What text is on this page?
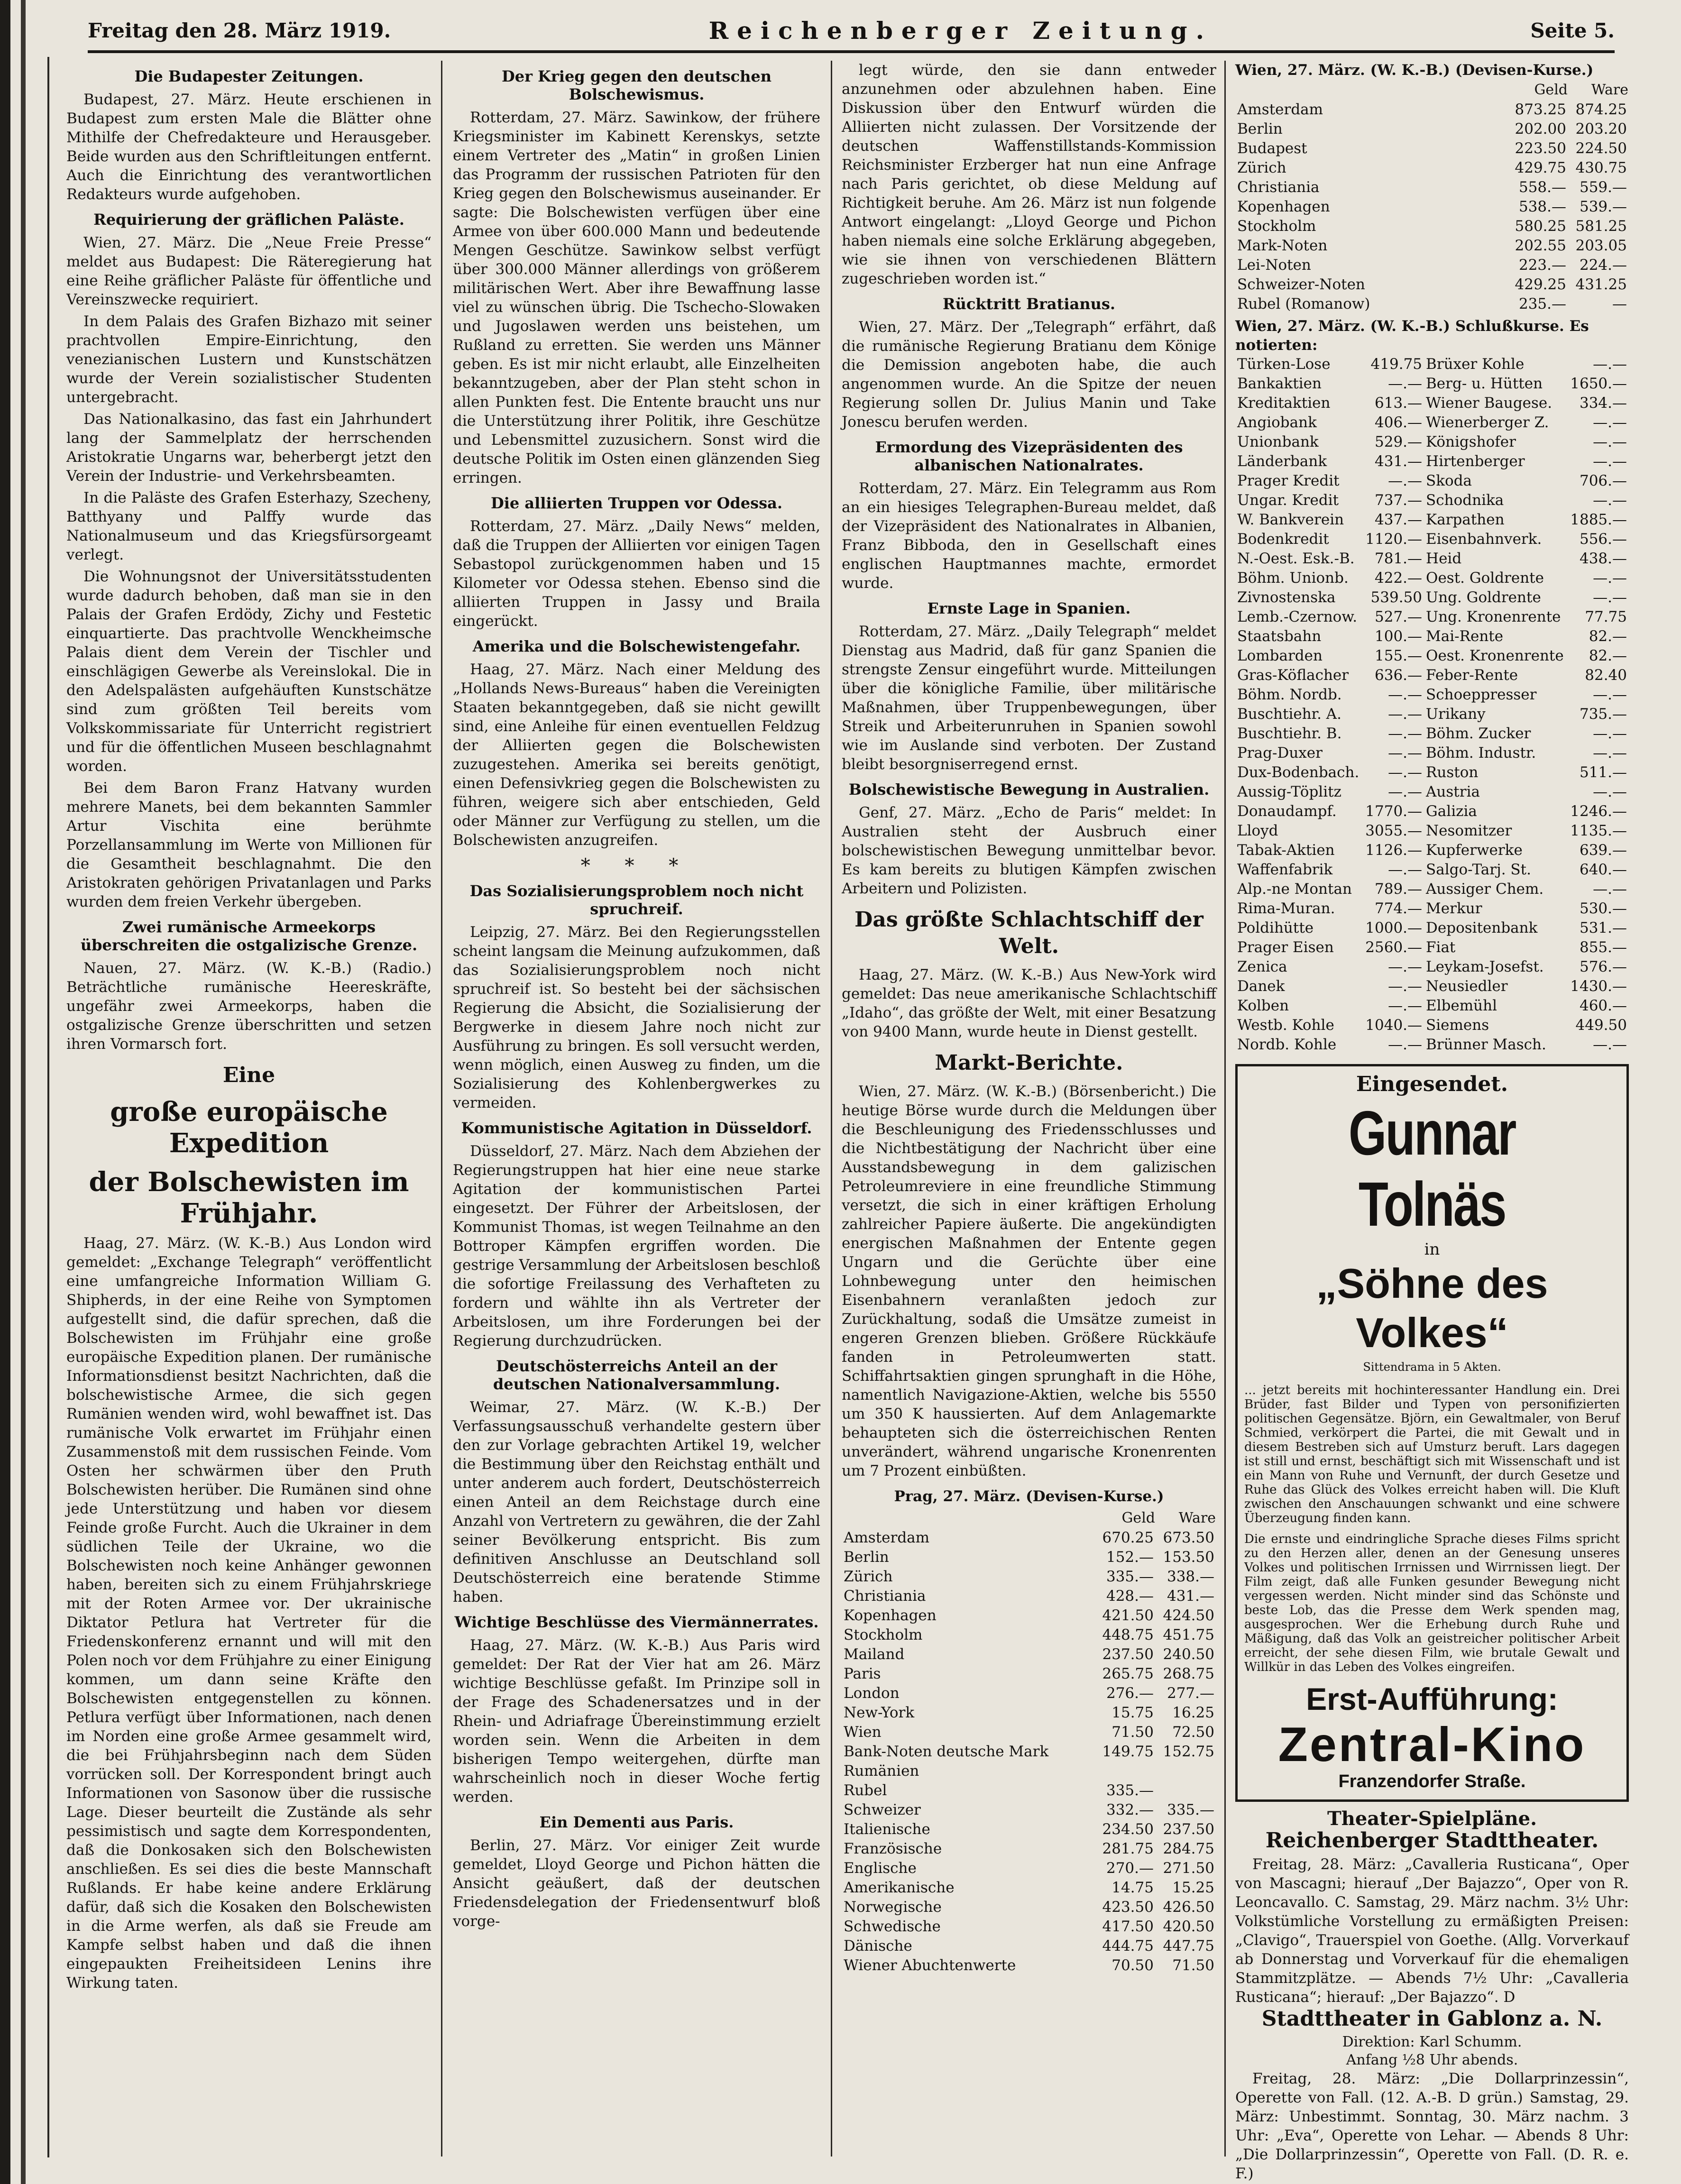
Freitag den 28. März 1919.	Reichenberger Zeitung.	Seite 5.
Die Budapester Zeitungen.

Budapest, 27. März. Heute erschienen in Budapest zum ersten Male die Blätter ohne Mithilfe der Chefredakteure und Herausgeber. Beide wurden aus den Schriftleitungen entfernt. Auch die Einrichtung des verantwortlichen Redakteurs wurde aufgehoben.

Requirierung der gräflichen Paläste.

Wien, 27. März. Die „Neue Freie Presse“ meldet aus Budapest: Die Räteregierung hat eine Reihe gräflicher Paläste für öffentliche und Vereinszwecke requiriert.

In dem Palais des Grafen Bizhazo mit seiner prachtvollen Empire-Einrichtung, den venezianischen Lustern und Kunstschätzen wurde der Verein sozialistischer Studenten untergebracht.

Das Nationalkasino, das fast ein Jahrhundert lang der Sammelplatz der herrschenden Aristokratie Ungarns war, beherbergt jetzt den Verein der Industrie- und Verkehrsbeamten.

In die Paläste des Grafen Esterhazy, Szecheny, Batthyany und Palffy wurde das Nationalmuseum und das Kriegsfürsorgeamt verlegt.

Die Wohnungsnot der Universitätsstudenten wurde dadurch behoben, daß man sie in den Palais der Grafen Erdödy, Zichy und Festetic einquartierte. Das prachtvolle Wenckheimsche Palais dient dem Verein der Tischler und einschlägigen Gewerbe als Vereinslokal. Die in den Adelspalästen aufgehäuften Kunstschätze sind zum größten Teil bereits vom Volkskommissariate für Unterricht registriert und für die öffentlichen Museen beschlagnahmt worden.

Bei dem Baron Franz Hatvany wurden mehrere Manets, bei dem bekannten Sammler Artur Vischita eine berühmte Porzellansammlung im Werte von Millionen für die Gesamtheit beschlagnahmt. Die den Aristokraten gehörigen Privatanlagen und Parks wurden dem freien Verkehr übergeben.

Zwei rumänische Armeekorps überschreiten die ostgalizische Grenze.

Nauen, 27. März. (W. K.-B.) (Radio.) Beträchtliche rumänische Heereskräfte, ungefähr zwei Armeekorps, haben die ostgalizische Grenze überschritten und setzen ihren Vormarsch fort.

Eine
große europäische Expedition
der Bolschewisten im Frühjahr.

Haag, 27. März. (W. K.-B.) Aus London wird gemeldet: „Exchange Telegraph“ veröffentlicht eine umfangreiche Information William G. Shipherds, in der eine Reihe von Symptomen aufgestellt sind, die dafür sprechen, daß die Bolschewisten im Frühjahr eine große europäische Expedition planen. Der rumänische Informationsdienst besitzt Nachrichten, daß die bolschewistische Armee, die sich gegen Rumänien wenden wird, wohl bewaffnet ist. Das rumänische Volk erwartet im Frühjahr einen Zusammenstoß mit dem russischen Feinde. Vom Osten her schwärmen über den Pruth Bolschewisten herüber. Die Rumänen sind ohne jede Unterstützung und haben vor diesem Feinde große Furcht. Auch die Ukrainer in dem südlichen Teile der Ukraine, wo die Bolschewisten noch keine Anhänger gewonnen haben, bereiten sich zu einem Frühjahrskriege mit der Roten Armee vor. Der ukrainische Diktator Petlura hat Vertreter für die Friedenskonferenz ernannt und will mit den Polen noch vor dem Frühjahre zu einer Einigung kommen, um dann seine Kräfte den Bolschewisten entgegenstellen zu können. Petlura verfügt über Informationen, nach denen im Norden eine große Armee gesammelt wird, die bei Frühjahrsbeginn nach dem Süden vorrücken soll. Der Korrespondent bringt auch Informationen von Sasonow über die russische Lage. Dieser beurteilt die Zustände als sehr pessimistisch und sagte dem Korrespondenten, daß die Donkosaken sich den Bolschewisten anschließen. Es sei dies die beste Mannschaft Rußlands. Er habe keine andere Erklärung dafür, daß sich die Kosaken den Bolschewisten in die Arme werfen, als daß sie Freude am Kampfe selbst haben und daß die ihnen eingepaukten Freiheitsideen Lenins ihre Wirkung taten.

Der Krieg gegen den deutschen Bolschewismus.

Rotterdam, 27. März. Sawinkow, der frühere Kriegsminister im Kabinett Kerenskys, setzte einem Vertreter des „Matin“ in großen Linien das Programm der russischen Patrioten für den Krieg gegen den Bolschewismus auseinander. Er sagte: Die Bolschewisten verfügen über eine Armee von über 600.000 Mann und bedeutende Mengen Geschütze. Sawinkow selbst verfügt über 300.000 Männer allerdings von größerem militärischen Wert. Aber ihre Bewaffnung lasse viel zu wünschen übrig. Die Tschecho-Slowaken und Jugoslawen werden uns beistehen, um Rußland zu erretten. Sie werden uns Männer geben. Es ist mir nicht erlaubt, alle Einzelheiten bekanntzugeben, aber der Plan steht schon in allen Punkten fest. Die Entente braucht uns nur die Unterstützung ihrer Politik, ihre Geschütze und Lebensmittel zuzusichern. Sonst wird die deutsche Politik im Osten einen glänzenden Sieg erringen.

Die alliierten Truppen vor Odessa.

Rotterdam, 27. März. „Daily News“ melden, daß die Truppen der Alliierten vor einigen Tagen Sebastopol zurückgenommen haben und 15 Kilometer vor Odessa stehen. Ebenso sind die alliierten Truppen in Jassy und Braila eingerückt.

Amerika und die Bolschewistengefahr.

Haag, 27. März. Nach einer Meldung des „Hollands News-Bureaus“ haben die Vereinigten Staaten bekanntgegeben, daß sie nicht gewillt sind, eine Anleihe für einen eventuellen Feldzug der Alliierten gegen die Bolschewisten zuzugestehen. Amerika sei bereits genötigt, einen Defensivkrieg gegen die Bolschewisten zu führen, weigere sich aber entschieden, Geld oder Männer zur Verfügung zu stellen, um die Bolschewisten anzugreifen.

* * *
Das Sozialisierungsproblem noch nicht spruchreif.

Leipzig, 27. März. Bei den Regierungsstellen scheint langsam die Meinung aufzukommen, daß das Sozialisierungsproblem noch nicht spruchreif ist. So besteht bei der sächsischen Regierung die Absicht, die Sozialisierung der Bergwerke in diesem Jahre noch nicht zur Ausführung zu bringen. Es soll versucht werden, wenn möglich, einen Ausweg zu finden, um die Sozialisierung des Kohlenbergwerkes zu vermeiden.

Kommunistische Agitation in Düsseldorf.

Düsseldorf, 27. März. Nach dem Abziehen der Regierungstruppen hat hier eine neue starke Agitation der kommunistischen Partei eingesetzt. Der Führer der Arbeitslosen, der Kommunist Thomas, ist wegen Teilnahme an den Bottroper Kämpfen ergriffen worden. Die gestrige Versammlung der Arbeitslosen beschloß die sofortige Freilassung des Verhafteten zu fordern und wählte ihn als Vertreter der Arbeitslosen, um ihre Forderungen bei der Regierung durchzudrücken.

Deutschösterreichs Anteil an der deutschen Nationalversammlung.

Weimar, 27. März. (W. K.-B.) Der Verfassungsausschuß verhandelte gestern über den zur Vorlage gebrachten Artikel 19, welcher die Bestimmung über den Reichstag enthält und unter anderem auch fordert, Deutschösterreich einen Anteil an dem Reichstage durch eine Anzahl von Vertretern zu gewähren, die der Zahl seiner Bevölkerung entspricht. Bis zum definitiven Anschlusse an Deutschland soll Deutschösterreich eine beratende Stimme haben.

Wichtige Beschlüsse des Viermännerrates.

Haag, 27. März. (W. K.-B.) Aus Paris wird gemeldet: Der Rat der Vier hat am 26. März wichtige Beschlüsse gefaßt. Im Prinzipe soll in der Frage des Schadenersatzes und in der Rhein- und Adriafrage Übereinstimmung erzielt worden sein. Wenn die Arbeiten in dem bisherigen Tempo weitergehen, dürfte man wahrscheinlich noch in dieser Woche fertig werden.

Ein Dementi aus Paris.

Berlin, 27. März. Vor einiger Zeit wurde gemeldet, Lloyd George und Pichon hätten die Ansicht geäußert, daß der deutschen Friedensdelegation der Friedensentwurf bloß vorge-

legt würde, den sie dann entweder anzunehmen oder abzulehnen haben. Eine Diskussion über den Entwurf würden die Alliierten nicht zulassen. Der Vorsitzende der deutschen Waffenstillstands-Kommission Reichsminister Erzberger hat nun eine Anfrage nach Paris gerichtet, ob diese Meldung auf Richtigkeit beruhe. Am 26. März ist nun folgende Antwort eingelangt: „Lloyd George und Pichon haben niemals eine solche Erklärung abgegeben, wie sie ihnen von verschiedenen Blättern zugeschrieben worden ist.“

Rücktritt Bratianus.

Wien, 27. März. Der „Telegraph“ erfährt, daß die rumänische Regierung Bratianu dem Könige die Demission angeboten habe, die auch angenommen wurde. An die Spitze der neuen Regierung sollen Dr. Julius Manin und Take Jonescu berufen werden.

Ermordung des Vizepräsidenten des albanischen Nationalrates.

Rotterdam, 27. März. Ein Telegramm aus Rom an ein hiesiges Telegraphen-Bureau meldet, daß der Vizepräsident des Nationalrates in Albanien, Franz Bibboda, den in Gesellschaft eines englischen Hauptmannes machte, ermordet wurde.

Ernste Lage in Spanien.

Rotterdam, 27. März. „Daily Telegraph“ meldet Dienstag aus Madrid, daß für ganz Spanien die strengste Zensur eingeführt wurde. Mitteilungen über die königliche Familie, über militärische Maßnahmen, über Truppenbewegungen, über Streik und Arbeiterunruhen in Spanien sowohl wie im Auslande sind verboten. Der Zustand bleibt besorgniserregend ernst.

Bolschewistische Bewegung in Australien.

Genf, 27. März. „Echo de Paris“ meldet: In Australien steht der Ausbruch einer bolschewistischen Bewegung unmittelbar bevor. Es kam bereits zu blutigen Kämpfen zwischen Arbeitern und Polizisten.

Das größte Schlachtschiff der Welt.

Haag, 27. März. (W. K.-B.) Aus New-York wird gemeldet: Das neue amerikanische Schlachtschiff „Idaho“, das größte der Welt, mit einer Besatzung von 9400 Mann, wurde heute in Dienst gestellt.

Markt-Berichte.

Wien, 27. März. (W. K.-B.) (Börsenbericht.) Die heutige Börse wurde durch die Meldungen über die Beschleunigung des Friedensschlusses und die Nichtbestätigung der Nachricht über eine Ausstandsbewegung in dem galizischen Petroleumreviere in eine freundliche Stimmung versetzt, die sich in einer kräftigen Erholung zahlreicher Papiere äußerte. Die angekündigten energischen Maßnahmen der Entente gegen Ungarn und die Gerüchte über eine Lohnbewegung unter den heimischen Eisenbahnern veranlaßten jedoch zur Zurückhaltung, sodaß die Umsätze zumeist in engeren Grenzen blieben. Größere Rückkäufe fanden in Petroleumwerten statt. Schiffahrtsaktien gingen sprunghaft in die Höhe, namentlich Navigazione-Aktien, welche bis 5550 um 350 K haussierten. Auf dem Anlagemarkte behaupteten sich die österreichischen Renten unverändert, während ungarische Kronenrenten um 7 Prozent einbüßten.

Prag, 27. März. (Devisen-Kurse.)
	Geld	Ware
Amsterdam	670.25	673.50
Berlin	152.—	153.50
Zürich	335.—	338.—
Christiania	428.—	431.—
Kopenhagen	421.50	424.50
Stockholm	448.75	451.75
Mailand	237.50	240.50
Paris	265.75	268.75
London	276.—	277.—
New-York	15.75	16.25
Wien	71.50	72.50
Bank-Noten deutsche Mark	149.75	152.75
Rumänien		
Rubel	335.—	
Schweizer	332.—	335.—
Italienische	234.50	237.50
Französische	281.75	284.75
Englische	270.—	271.50
Amerikanische	14.75	15.25
Norwegische	423.50	426.50
Schwedische	417.50	420.50
Dänische	444.75	447.75
Wiener Abuchtenwerte	70.50	71.50
Wien, 27. März. (W. K.-B.) (Devisen-Kurse.)
	Geld	Ware
Amsterdam	873.25	874.25
Berlin	202.00	203.20
Budapest	223.50	224.50
Zürich	429.75	430.75
Christiania	558.—	559.—
Kopenhagen	538.—	539.—
Stockholm	580.25	581.25
Mark-Noten	202.55	203.05
Lei-Noten	223.—	224.—
Schweizer-Noten	429.25	431.25
Rubel (Romanow)	235.—	—
Wien, 27. März. (W. K.-B.) Schlußkurse. Es notierten:
Türken-Lose	419.75	Brüxer Kohle	—.—
Bankaktien	—.—	Berg- u. Hütten	1650.—
Kreditaktien	613.—	Wiener Baugese.	334.—
Angiobank	406.—	Wienerberger Z.	—.—
Unionbank	529.—	Königshofer	—.—
Länderbank	431.—	Hirtenberger	—.—
Prager Kredit	—.—	Skoda	706.—
Ungar. Kredit	737.—	Schodnika	—.—
W. Bankverein	437.—	Karpathen	1885.—
Bodenkredit	1120.—	Eisenbahnverk.	556.—
N.-Oest. Esk.-B.	781.—	Heid	438.—
Böhm. Unionb.	422.—	Oest. Goldrente	—.—
Zivnostenska	539.50	Ung. Goldrente	—.—
Lemb.-Czernow.	527.—	Ung. Kronenrente	77.75
Staatsbahn	100.—	Mai-Rente	82.—
Lombarden	155.—	Oest. Kronenrente	82.—
Gras-Köflacher	636.—	Feber-Rente	82.40
Böhm. Nordb.	—.—	Schoeppresser	—.—
Buschtiehr. A.	—.—	Urikany	735.—
Buschtiehr. B.	—.—	Böhm. Zucker	—.—
Prag-Duxer	—.—	Böhm. Industr.	—.—
Dux-Bodenbach.	—.—	Ruston	511.—
Aussig-Töplitz	—.—	Austria	—.—
Donaudampf.	1770.—	Galizia	1246.—
Lloyd	3055.—	Nesomitzer	1135.—
Tabak-Aktien	1126.—	Kupferwerke	639.—
Waffenfabrik	—.—	Salgo-Tarj. St.	640.—
Alp.-ne Montan	789.—	Aussiger Chem.	—.—
Rima-Muran.	774.—	Merkur	530.—
Poldihütte	1000.—	Depositenbank	531.—
Prager Eisen	2560.—	Fiat	855.—
Zenica	—.—	Leykam-Josefst.	576.—
Danek	—.—	Neusiedler	1430.—
Kolben	—.—	Elbemühl	460.—
Westb. Kohle	1040.—	Siemens	449.50
Nordb. Kohle	—.—	Brünner Masch.	—.—
Eingesendet.
Gunnar Tolnäs
in
„Söhne des Volkes“
Sittendrama in 5 Akten.
... jetzt bereits mit hochinteressanter Handlung ein. Drei Brüder, fast Bilder und Typen von personifizierten politischen Gegensätze. Björn, ein Gewaltmaler, von Beruf Schmied, verkörpert die Partei, die mit Gewalt und in diesem Bestreben sich auf Umsturz beruft. Lars dagegen ist still und ernst, beschäftigt sich mit Wissenschaft und ist ein Mann von Ruhe und Vernunft, der durch Gesetze und Ruhe das Glück des Volkes erreicht haben will. Die Kluft zwischen den Anschauungen schwankt und eine schwere Überzeugung finden kann.
Die ernste und eindringliche Sprache dieses Films spricht zu den Herzen aller, denen an der Genesung unseres Volkes und politischen Irrnissen und Wirrnissen liegt. Der Film zeigt, daß alle Funken gesunder Bewegung nicht vergessen werden. Nicht minder sind das Schönste und beste Lob, das die Presse dem Werk spenden mag, ausgesprochen. Wer die Erhebung durch Ruhe und Mäßigung, daß das Volk an geistreicher politischer Arbeit erreicht, der sehe diesen Film, wie brutale Gewalt und Willkür in das Leben des Volkes eingreifen.
Erst-Aufführung:
Zentral-Kino
Franzendorfer Straße.
Theater-Spielpläne.
Reichenberger Stadttheater.

Freitag, 28. März: „Cavalleria Rusticana“, Oper von Mascagni; hierauf „Der Bajazzo“, Oper von R. Leoncavallo. C. Samstag, 29. März nachm. 3½ Uhr: Volkstümliche Vorstellung zu ermäßigten Preisen: „Clavigo“, Trauerspiel von Goethe. (Allg. Vorverkauf ab Donnerstag und Vorverkauf für die ehemaligen Stammitzplätze. — Abends 7½ Uhr: „Cavalleria Rusticana“; hierauf: „Der Bajazzo“. D

Stadttheater in Gablonz a. N.
Direktion: Karl Schumm.
Anfang ½8 Uhr abends.

Freitag, 28. März: „Die Dollarprinzessin“, Operette von Fall. (12. A.-B. D grün.) Samstag, 29. März: Unbestimmt. Sonntag, 30. März nachm. 3 Uhr: „Eva“, Operette von Lehar. — Abends 8 Uhr: „Die Dollarprinzessin“, Operette von Fall. (D. R. e. F.)
